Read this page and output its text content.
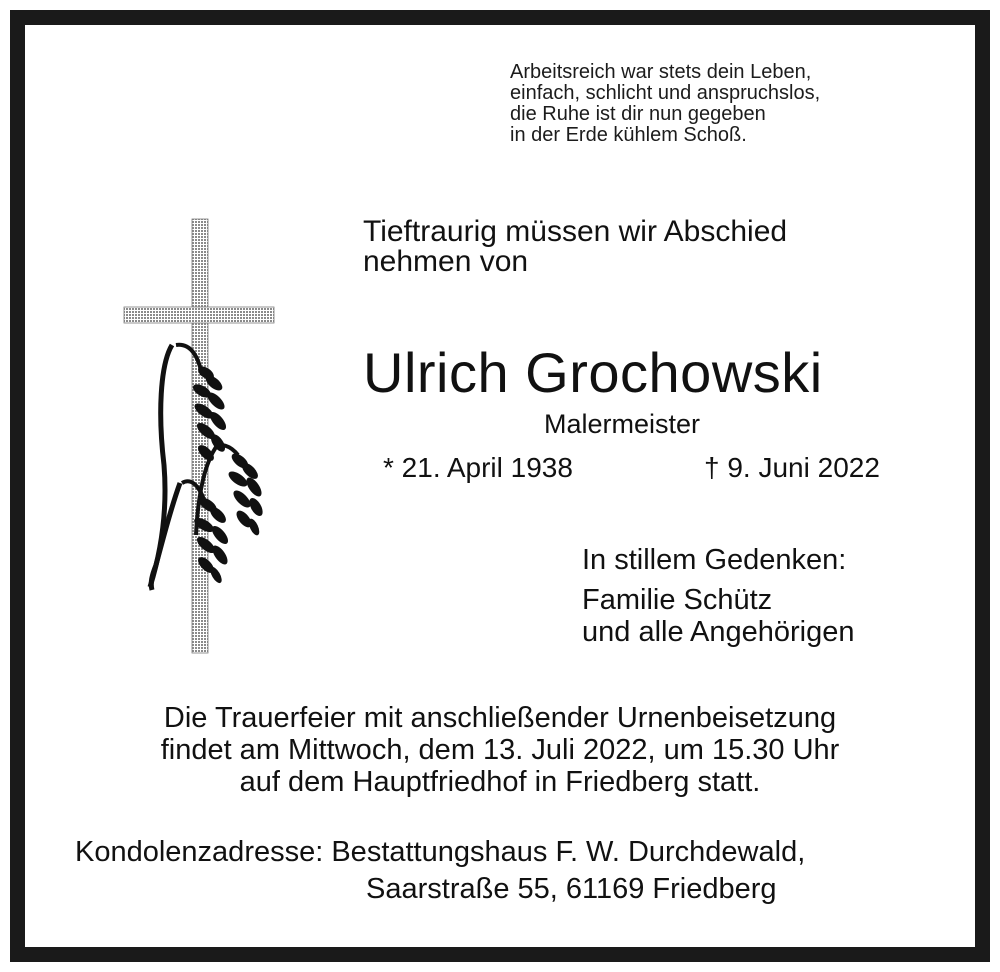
Arbeitsreich war stets dein Leben,
einfach, schlicht und anspruchslos,
die Ruhe ist dir nun gegeben
in der Erde kühlem Schoß.
Tieftraurig müssen wir Abschied
nehmen von
Ulrich Grochowski
Malermeister
* 21. April 1938	† 9. Juni 2022
In stillem Gedenken:
Familie Schütz
und alle Angehörigen
Die Trauerfeier mit anschließender Urnenbeisetzung
findet am Mittwoch, dem 13. Juli 2022, um 15.30 Uhr
auf dem Hauptfriedhof in Friedberg statt.
Kondolenzadresse: Bestattungshaus F. W. Durchdewald,
Saarstraße 55, 61169 Friedberg
